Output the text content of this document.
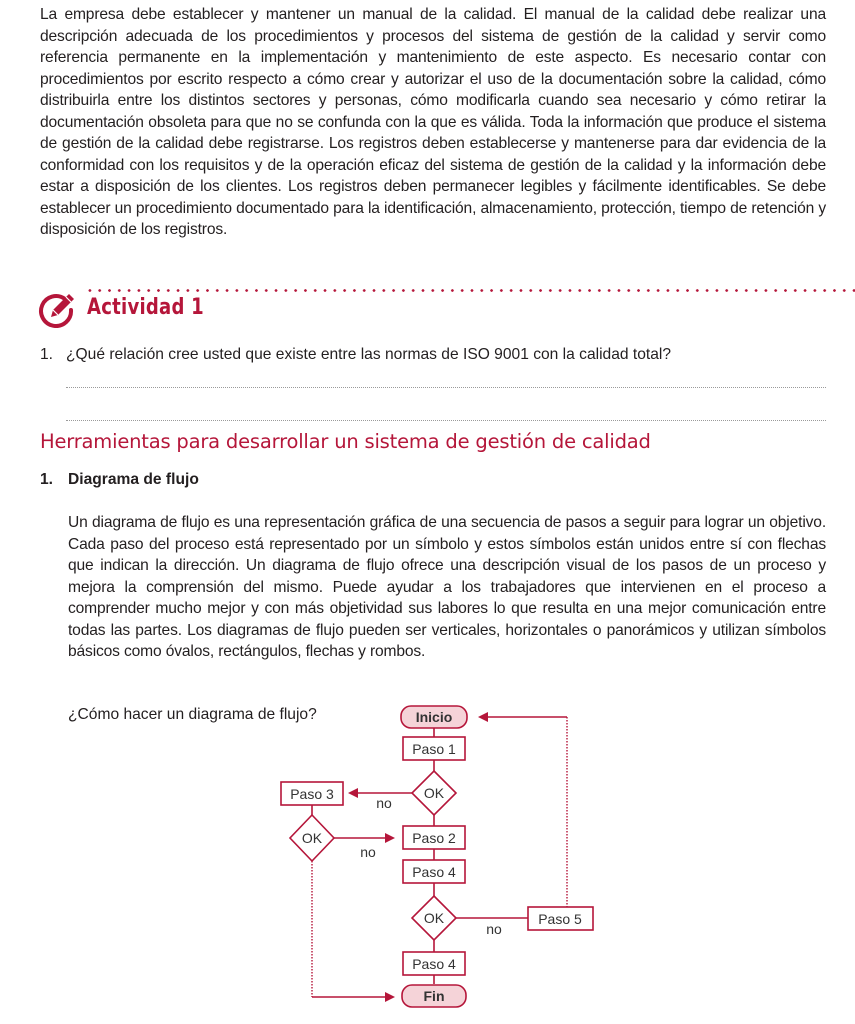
La empresa debe establecer y mantener un manual de la calidad. El manual de la calidad debe realizar una descripción adecuada de los procedimientos y procesos del sistema de gestión de la calidad y servir como referencia permanente en la implementación y mantenimiento de este aspecto. Es necesario contar con procedimientos por escrito respecto a cómo crear y autorizar el uso de la documentación sobre la calidad, cómo distribuirla entre los distintos sectores y personas, cómo modificarla cuando sea necesario y cómo retirar la documentación obsoleta para que no se confunda con la que es válida. Toda la información que produce el sistema de gestión de la calidad debe registrarse. Los registros deben establecerse y mantenerse para dar evidencia de la conformidad con los requisitos y de la operación eficaz del sistema de gestión de la calidad y la información debe estar a disposición de los clientes. Los registros deben permanecer legibles y fácilmente identificables. Se debe establecer un procedimiento documentado para la identificación, almacenamiento, protección, tiempo de retención y disposición de los registros.
Actividad 1
1. ¿Qué relación cree usted que existe entre las normas de ISO 9001 con la calidad total?
Herramientas para desarrollar un sistema de gestión de calidad
1. Diagrama de flujo
Un diagrama de flujo es una representación gráfica de una secuencia de pasos a seguir para lograr un objetivo. Cada paso del proceso está representado por un símbolo y estos símbolos están unidos entre sí con flechas que indican la dirección. Un diagrama de flujo ofrece una descripción visual de los pasos de un proceso y mejora la comprensión del mismo. Puede ayudar a los trabajadores que intervienen en el proceso a comprender mucho mejor y con más objetividad sus labores lo que resulta en una mejor comunicación entre todas las partes. Los diagramas de flujo pueden ser verticales, horizontales o panorámicos y utilizan símbolos básicos como óvalos, rectángulos, flechas y rombos.
¿Cómo hacer un diagrama de flujo?	Inicio
Paso 1
OK
no
Paso 3
OK
no
Paso 2
Paso 4
OK
no
Paso 5
Paso 4
Fin
